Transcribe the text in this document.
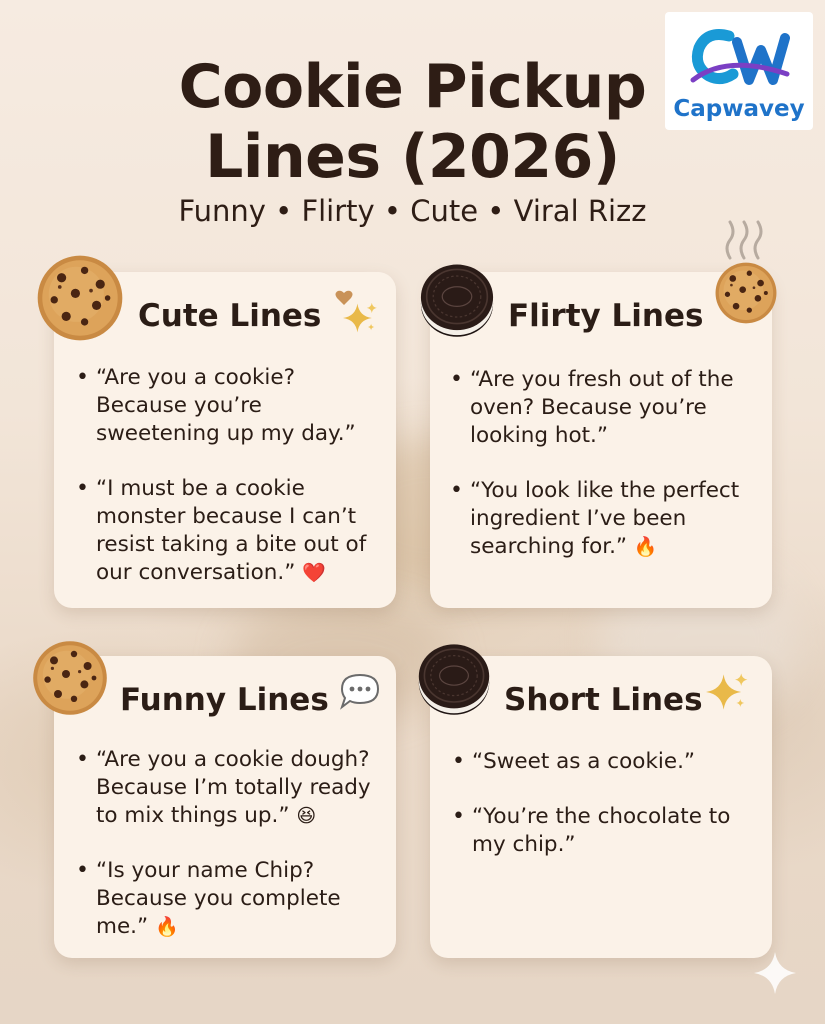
Cookie Pickup
Lines (2026)
Funny • Flirty • Cute • Viral Rizz
Capwavey
Cute Lines
• “Are you a cookie? Because you’re sweetening up my day.”
• “I must be a cookie monster because I can’t resist taking a bite out of our conversation.” ❤️
Flirty Lines
• “Are you fresh out of the oven? Because you’re looking hot.”
• “You look like the perfect ingredient I’ve been searching for.” 🔥
Funny Lines
• “Are you a cookie dough? Because I’m totally ready to mix things up.” 😆
• “Is your name Chip? Because you complete me.” 🔥
Short Lines
• “Sweet as a cookie.”
• “You’re the chocolate to my chip.”
